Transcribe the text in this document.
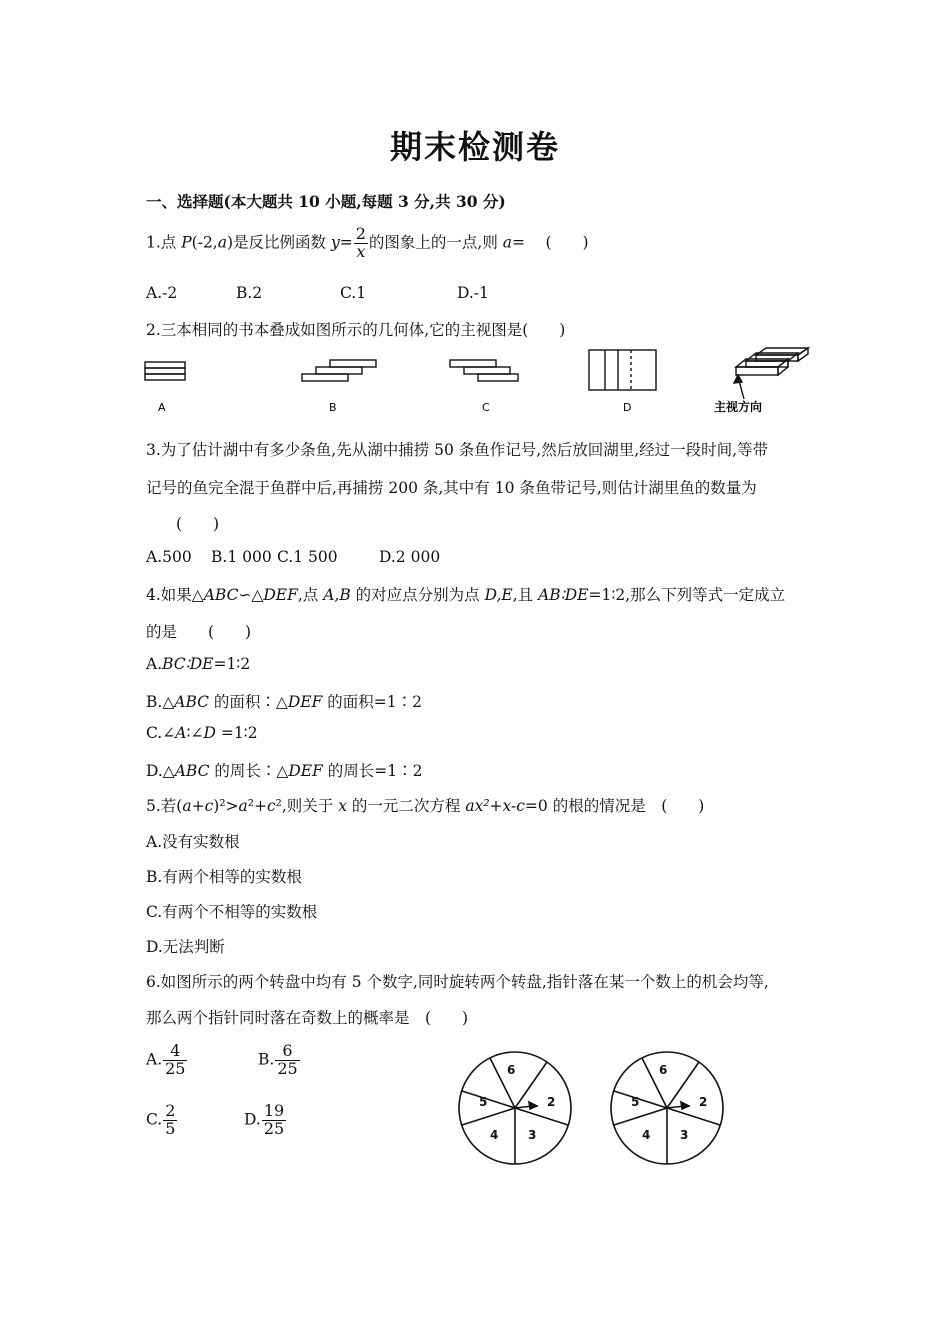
期末检测卷
一、选择题(本大题共 10 小题,每题 3 分,共 30 分)
1.点 P(-2,a)是反比例函数 $y= \frac{2}{x}$ 的图象上的一点,则 a=　 (　　)
A.-2	B.2	C.1	D.-1
2.三本相同的书本叠成如图所示的几何体,它的主视图是(　　)
A	B	C	D	主视方向
3.为了估计湖中有多少条鱼,先从湖中捕捞 50 条鱼作记号,然后放回湖里,经过一段时间,等带
记号的鱼完全混于鱼群中后,再捕捞 200 条,其中有 10 条鱼带记号,则估计湖里鱼的数量为
(　　)
A.500 B.1 000 C.1 500	D.2 000
4.如果△ABC∽△DEF,点 A,B 的对应点分别为点 D,E,且 AB∶DE=1∶2,那么下列等式一定成立
的是　　(　　)
A.BC∶DE=1∶2
B.△ABC 的面积∶△DEF 的面积=1∶2
C.∠A∶∠D =1∶2
D.△ABC 的周长∶△DEF 的周长=1∶2
5.若(a+c)²>a²+c²,则关于 x 的一元二次方程 ax²+x-c=0 的根的情况是　(　　)
A.没有实数根
B.有两个相等的实数根
C.有两个不相等的实数根
D.无法判断
6.如图所示的两个转盘中均有 5 个数字,同时旋转两个转盘,指针落在某一个数上的机会均等,
那么两个指针同时落在奇数上的概率是　(　　)
A. $\frac{4}{25}$	B. $\frac{6}{25}$
C. $\frac{2}{5}$	D. $\frac{19}{25}$
6
2
3
4
5
6
2
3
4
5
